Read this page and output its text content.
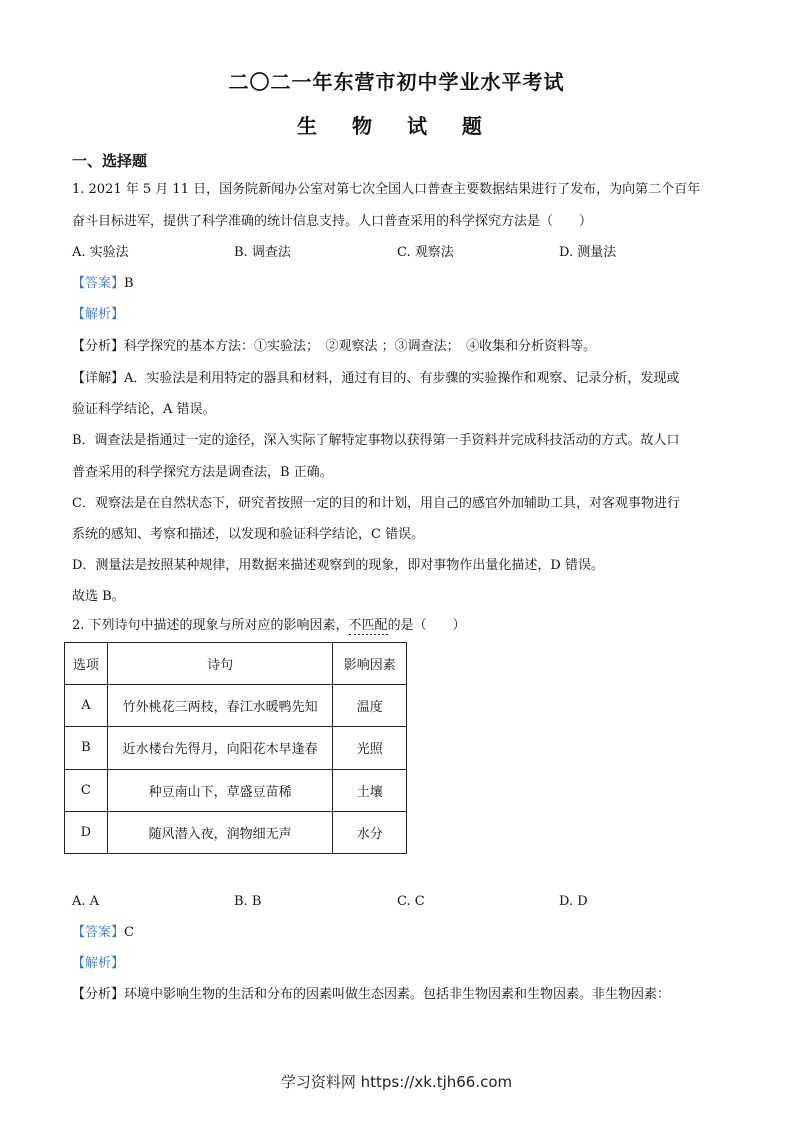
二〇二一年东营市初中学业水平考试
生 物 试 题
一、选择题
1. 2021 年 5 月 11 日，国务院新闻办公室对第七次全国人口普查主要数据结果进行了发布，为向第二个百年
奋斗目标进军，提供了科学准确的统计信息支持。人口普查采用的科学探究方法是（　　）
A. 实验法	B. 调查法	C. 观察法	D. 测量法
【答案】B
【解析】
【分析】科学探究的基本方法：①实验法；　②观察法 ；③调查法；　④收集和分析资料等。
【详解】A．实验法是利用特定的器具和材料，通过有目的、有步骤的实验操作和观察、记录分析，发现或
验证科学结论，A 错误。
B．调查法是指通过一定的途径，深入实际了解特定事物以获得第一手资料并完成科技活动的方式。故人口
普查采用的科学探究方法是调查法，B 正确。
C．观察法是在自然状态下，研究者按照一定的目的和计划，用自己的感官外加辅助工具，对客观事物进行
系统的感知、考察和描述，以发现和验证科学结论，C 错误。
D．测量法是按照某种规律，用数据来描述观察到的现象，即对事物作出量化描述，D 错误。
故选 B。
2. 下列诗句中描述的现象与所对应的影响因素，不匹配的是（　　）
选项	诗句	影响因素
A	竹外桃花三两枝，春江水暖鸭先知	温度
B	近水楼台先得月，向阳花木早逢春	光照
C	种豆南山下，草盛豆苗稀	土壤
D	随风潜入夜，润物细无声	水分
A. A	B. B	C. C	D. D
【答案】C
【解析】
【分析】环境中影响生物的生活和分布的因素叫做生态因素。包括非生物因素和生物因素。非生物因素：
学习资料网 https://xk.tjh66.com
